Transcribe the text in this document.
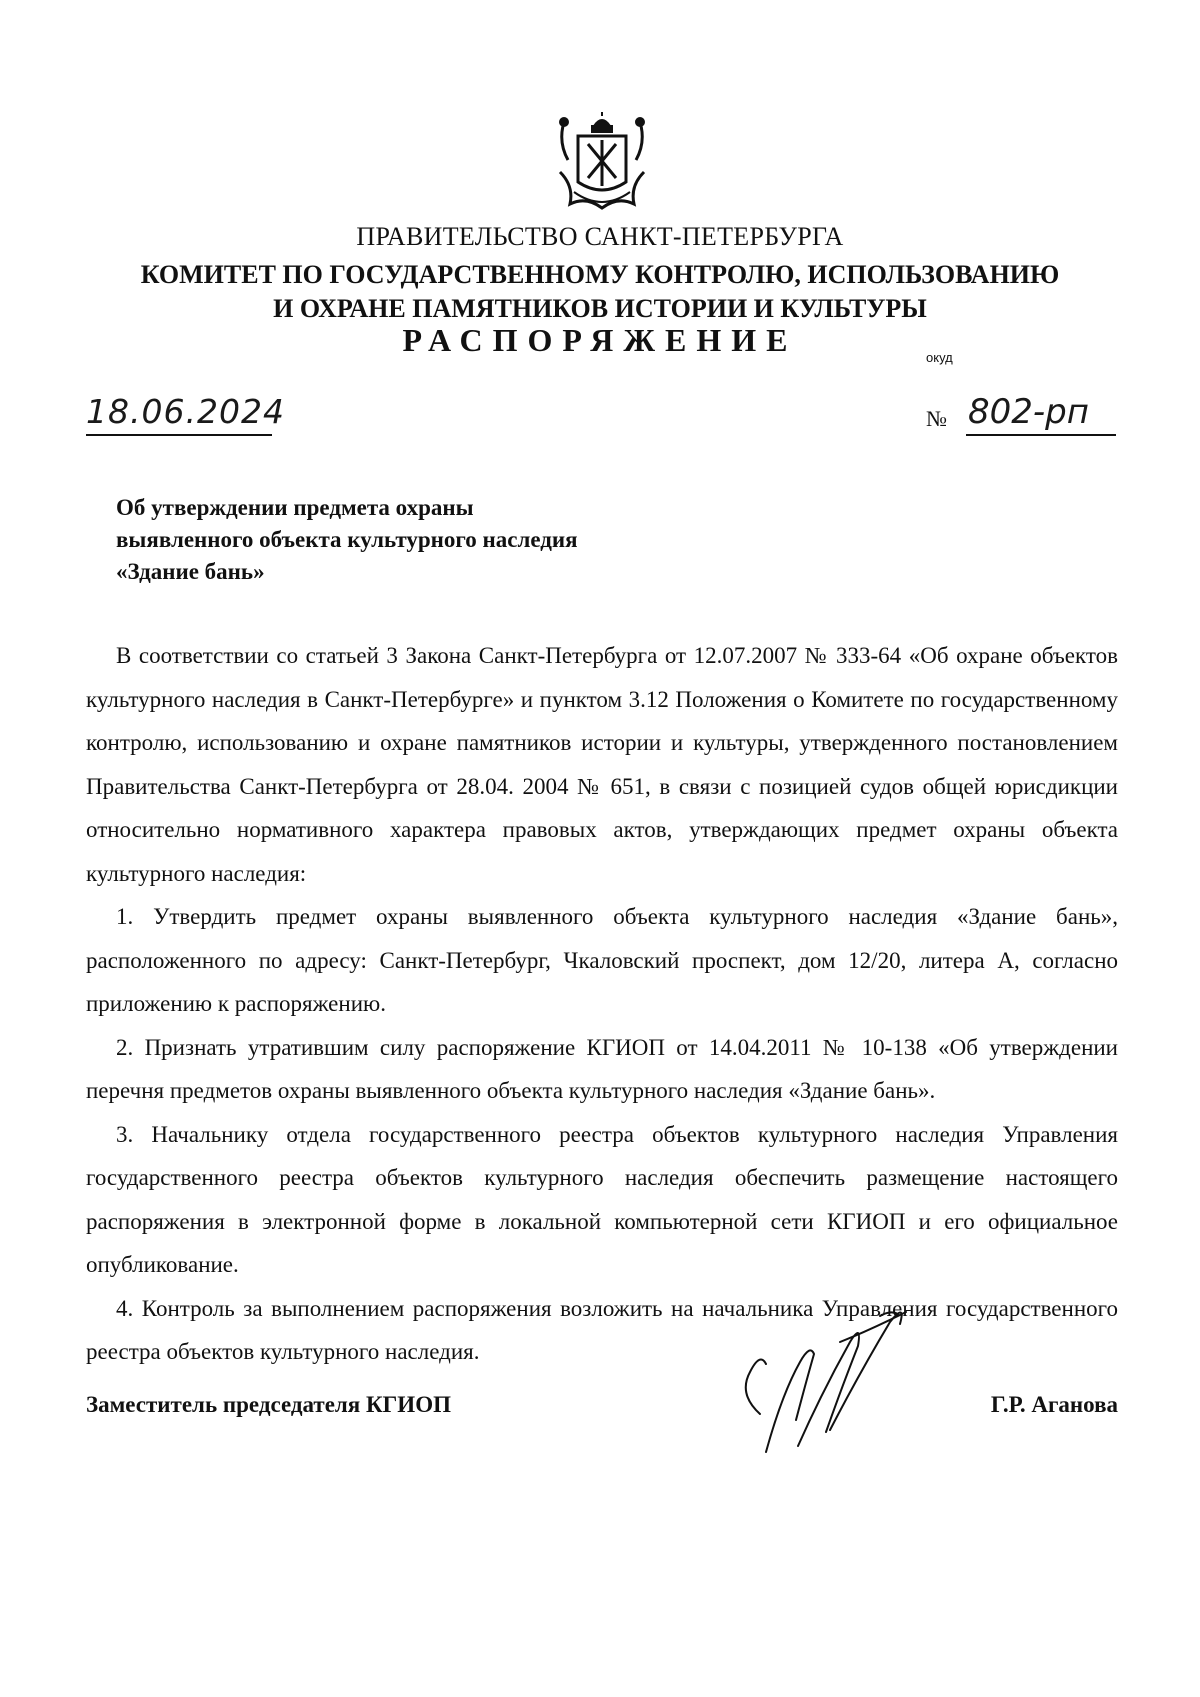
ПРАВИТЕЛЬСТВО САНКТ-ПЕТЕРБУРГА
КОМИТЕТ ПО ГОСУДАРСТВЕННОМУ КОНТРОЛЮ, ИСПОЛЬЗОВАНИЮ
И ОХРАНЕ ПАМЯТНИКОВ ИСТОРИИ И КУЛЬТУРЫ
РАСПОРЯЖЕНИЕ	окуд
18.06.2024	№ 802-рп
Об утверждении предмета охраны
выявленного объекта культурного наследия
«Здание бань»

В соответствии со статьей 3 Закона Санкт-Петербурга от 12.07.2007 № 333-64 «Об охране объектов культурного наследия в Санкт-Петербурге» и пунктом 3.12 Положения о Комитете по государственному контролю, использованию и охране памятников истории и культуры, утвержденного постановлением Правительства Санкт-Петербурга от 28.04. 2004 № 651, в связи с позицией судов общей юрисдикции относительно нормативного характера правовых актов, утверждающих предмет охраны объекта культурного наследия:

1. Утвердить предмет охраны выявленного объекта культурного наследия «Здание бань», расположенного по адресу: Санкт-Петербург, Чкаловский проспект, дом 12/20, литера А, согласно приложению к распоряжению.

2. Признать утратившим силу распоряжение КГИОП от 14.04.2011 № 10-138 «Об утверждении перечня предметов охраны выявленного объекта культурного наследия «Здание бань».

3. Начальнику отдела государственного реестра объектов культурного наследия Управления государственного реестра объектов культурного наследия обеспечить размещение настоящего распоряжения в электронной форме в локальной компьютерной сети КГИОП и его официальное опубликование.

4. Контроль за выполнением распоряжения возложить на начальника Управления государственного реестра объектов культурного наследия.

Заместитель председателя КГИОП	Г.Р. Аганова
